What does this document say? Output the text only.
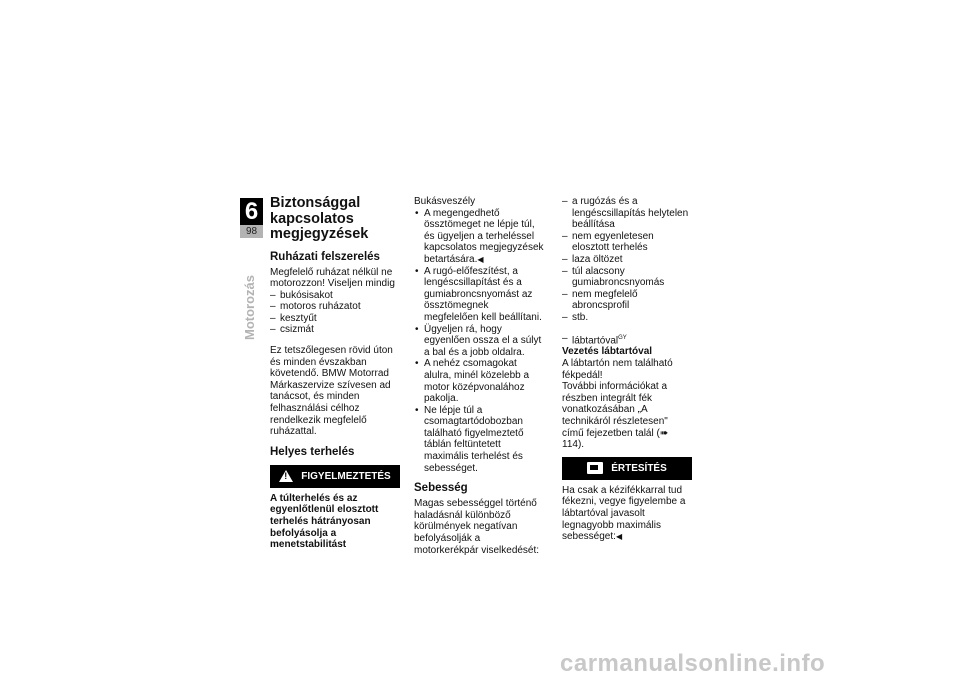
6
98
Motorozás
Biztonsággal kapcsolatos megjegyzések
Ruházati felszerelés

Megfelelő ruházat nélkül ne motorozzon! Viseljen mindig

– bukósisakot
– motoros ruházatot
– kesztyűt
– csizmát

Ez tetszőlegesen rövid úton és minden évszakban követendő. BMW Motorrad Márkaszervize szívesen ad tanácsot, és minden felhasználási célhoz rendelkezik megfelelő ruházattal.

Helyes terhelés
!
FIGYELMEZTETÉS
A túlterhelés és az egyenlőtlenül elosztott terhelés hátrányosan befolyásolja a menetstabilitást

Bukásveszély

• A megengedhető össztömeget ne lépje túl, és ügyeljen a terheléssel kapcsolatos megjegyzések betartására.◀
• A rugó-előfeszítést, a lengéscsillapítást és a gumiabroncsnyomást az össztömegnek megfelelően kell beállítani.
• Ügyeljen rá, hogy egyenlően ossza el a súlyt a bal és a jobb oldalra.
• A nehéz csomagokat alulra, minél közelebb a motor középvonalához pakolja.
• Ne lépje túl a csomagtartódobozban található figyelmeztető táblán feltüntetett maximális terhelést és sebességet.
Sebesség

Magas sebességgel történő haladásnál különböző körülmények negatívan befolyásolják a motorkerékpár viselkedését:

– a rugózás és a lengéscsillapítás helytelen beállítása
– nem egyenletesen elosztott terhelés
– laza öltözet
– túl alacsony gumiabroncsnyomás
– nem megfelelő abroncsprofil
– stb.
– lábtartóval$^{GY}$
Vezetés lábtartóval

A lábtartón nem található fékpedál!

További információkat a részben integrált fék vonatkozásában „A technikáról részletesen" című fejezetben talál (➠ 114).

ÉRTESÍTÉS

Ha csak a kézifékkarral tud fékezni, vegye figyelembe a lábtartóval javasolt legnagyobb maximális sebességet:◀

carmanualsonline.info
